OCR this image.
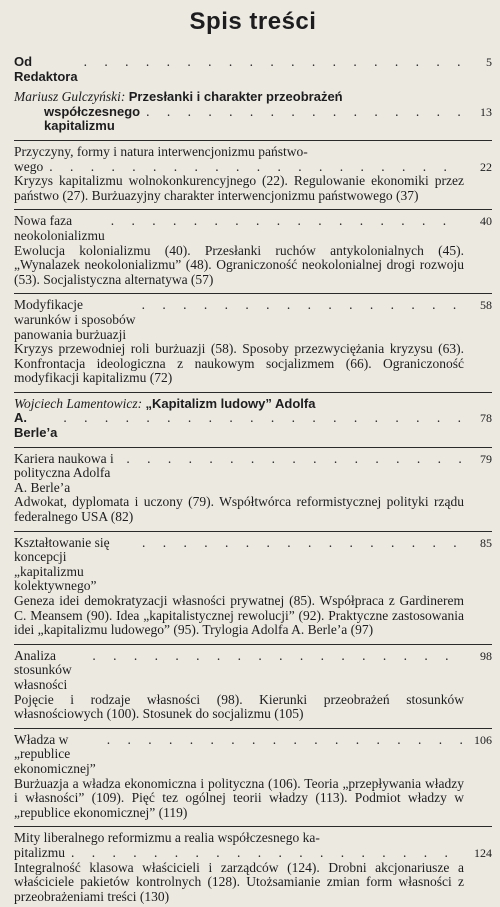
Spis treści
Od Redaktora
. . .
5
Mariusz Gulczyński: Przesłanki i charakter przeobrażeń
współczesnego kapitalizmu
. . .
13
Przyczyny, formy i natura interwencjonizmu państwo-
wego . . .	22
Kryzys kapitalizmu wolnokonkurencyjnego (22). Regulowanie ekonomiki przez państwo (27). Burżuazyjny charakter interwencjonizmu państwowego (37)
Nowa faza neokolonializmu
. . .
40
Ewolucja kolonializmu (40). Przesłanki ruchów antykolonialnych (45). „Wynalazek neokolonializmu” (48). Ograniczoność neokolonialnej drogi rozwoju (53). Socjalistyczna alternatywa (57)
Modyfikacje warunków i sposobów panowania burżuazji
. . .
58
Kryzys przewodniej roli burżuazji (58). Sposoby przezwyciężania kryzysu (63). Konfrontacja ideologiczna z naukowym socjalizmem (66). Ograniczoność modyfikacji kapitalizmu (72)
Wojciech Lamentowicz: „Kapitalizm ludowy” Adolfa
A. Berle’a
. . .
78
Kariera naukowa i polityczna Adolfa A. Berle’a
. . .
79
Adwokat, dyplomata i uczony (79). Współtwórca reformistycznej polityki rządu federalnego USA (82)
Kształtowanie się koncepcji „kapitalizmu kolektywnego”
. . .
85
Geneza idei demokratyzacji własności prywatnej (85). Współpraca z Gardinerem C. Meansem (90). Idea „kapitalistycznej rewolucji” (92). Praktyczne zastosowania idei „kapitalizmu ludowego” (95). Trylogia Adolfa A. Berle’a (97)
Analiza stosunków własności
. . .
98
Pojęcie i rodzaje własności (98). Kierunki przeobrażeń stosunków własnościowych (100). Stosunek do socjalizmu (105)
Władza w „republice ekonomicznej”
. . .
106
Burżuazja a władza ekonomiczna i polityczna (106). Teoria „przepływania władzy i własności” (109). Pięć tez ogólnej teorii władzy (113). Podmiot władzy w „republice ekonomicznej” (119)
Mity liberalnego reformizmu a realia współczesnego ka-
pitalizmu . . .	124
Integralność klasowa właścicieli i zarządców (124). Drobni akcjonariusze a właściciele pakietów kontrolnych (128). Utożsamianie zmian form własności z przeobrażeniami treści (130)
